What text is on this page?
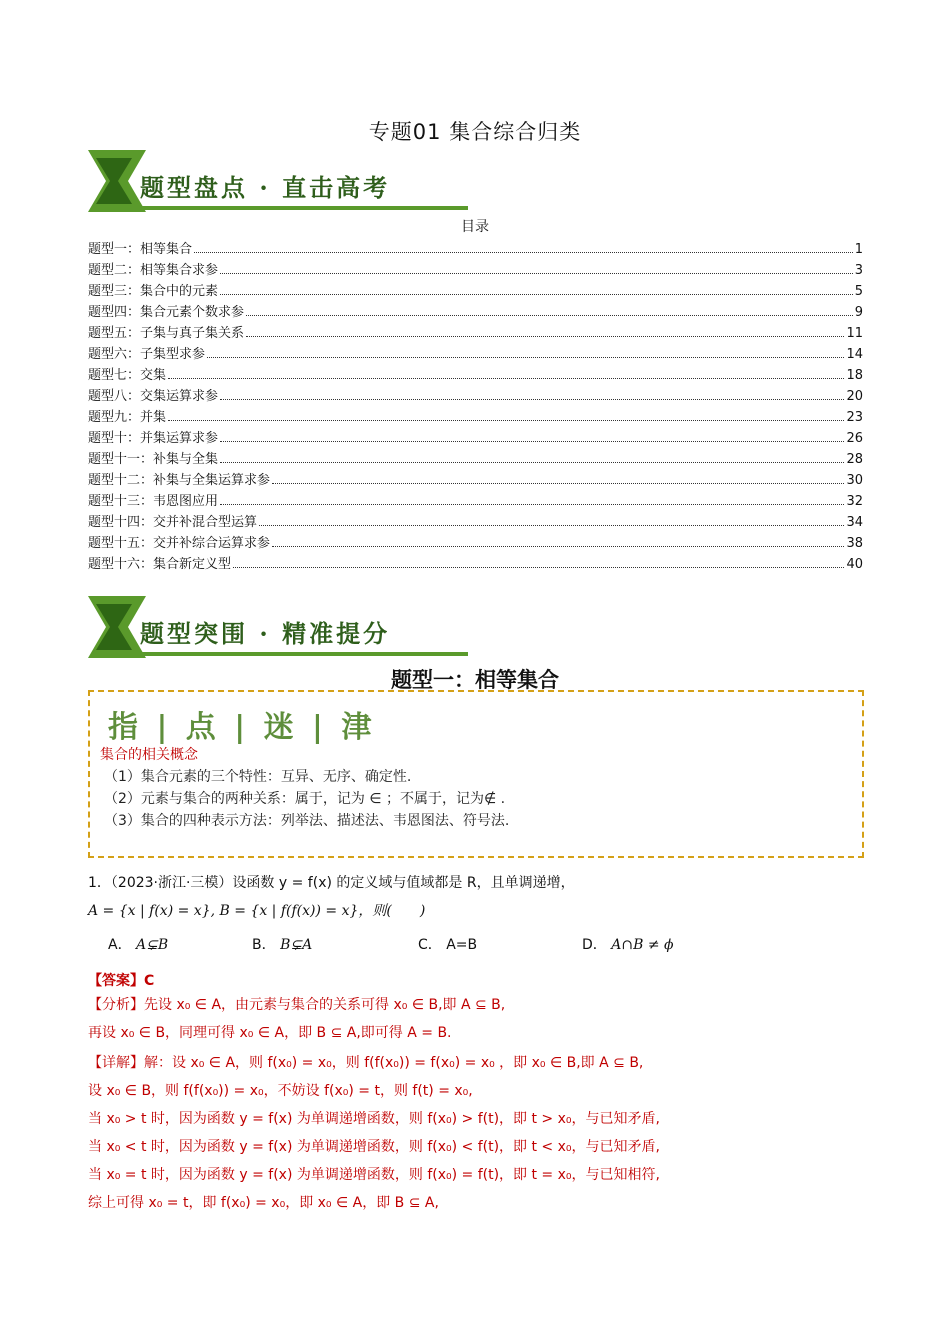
专题01 集合综合归类
题型盘点 · 直击高考
目录
题型一：相等集合	1
题型二：相等集合求参	3
题型三：集合中的元素	5
题型四：集合元素个数求参	9
题型五：子集与真子集关系	11
题型六：子集型求参	14
题型七：交集	18
题型八：交集运算求参	20
题型九：并集	23
题型十：并集运算求参	26
题型十一：补集与全集	28
题型十二：补集与全集运算求参	30
题型十三：韦恩图应用	32
题型十四：交并补混合型运算	34
题型十五：交并补综合运算求参	38
题型十六：集合新定义型	40
题型突围 · 精准提分
题型一：相等集合
指 | 点 | 迷 | 津
集合的相关概念
（1）集合元素的三个特性：互异、无序、确定性.
（2）元素与集合的两种关系：属于，记为 ∈ ；不属于，记为∉ .
（3）集合的四种表示方法：列举法、描述法、韦恩图法、符号法.
1．（2023·浙江·三模）设函数 y = f(x) 的定义域与值域都是 R，且单调递增，
A = {x | f(x) = x}, B = {x | f(f(x)) = x}，则(　　)
A． A⊊B	B． B⊊A	C． A=B	D． A∩B ≠ ϕ
【答案】C
【分析】先设 x₀ ∈ A，由元素与集合的关系可得 x₀ ∈ B,即 A ⊆ B,
再设 x₀ ∈ B，同理可得 x₀ ∈ A，即 B ⊆ A,即可得 A = B.
【详解】解：设 x₀ ∈ A，则 f(x₀) = x₀，则 f(f(x₀)) = f(x₀) = x₀ ，即 x₀ ∈ B,即 A ⊆ B,
设 x₀ ∈ B，则 f(f(x₀)) = x₀，不妨设 f(x₀) = t，则 f(t) = x₀,
当 x₀ > t 时，因为函数 y = f(x) 为单调递增函数，则 f(x₀) > f(t)，即 t > x₀，与已知矛盾,
当 x₀ < t 时，因为函数 y = f(x) 为单调递增函数，则 f(x₀) < f(t)，即 t < x₀，与已知矛盾,
当 x₀ = t 时，因为函数 y = f(x) 为单调递增函数，则 f(x₀) = f(t)，即 t = x₀，与已知相符,
综上可得 x₀ = t，即 f(x₀) = x₀，即 x₀ ∈ A，即 B ⊆ A,
